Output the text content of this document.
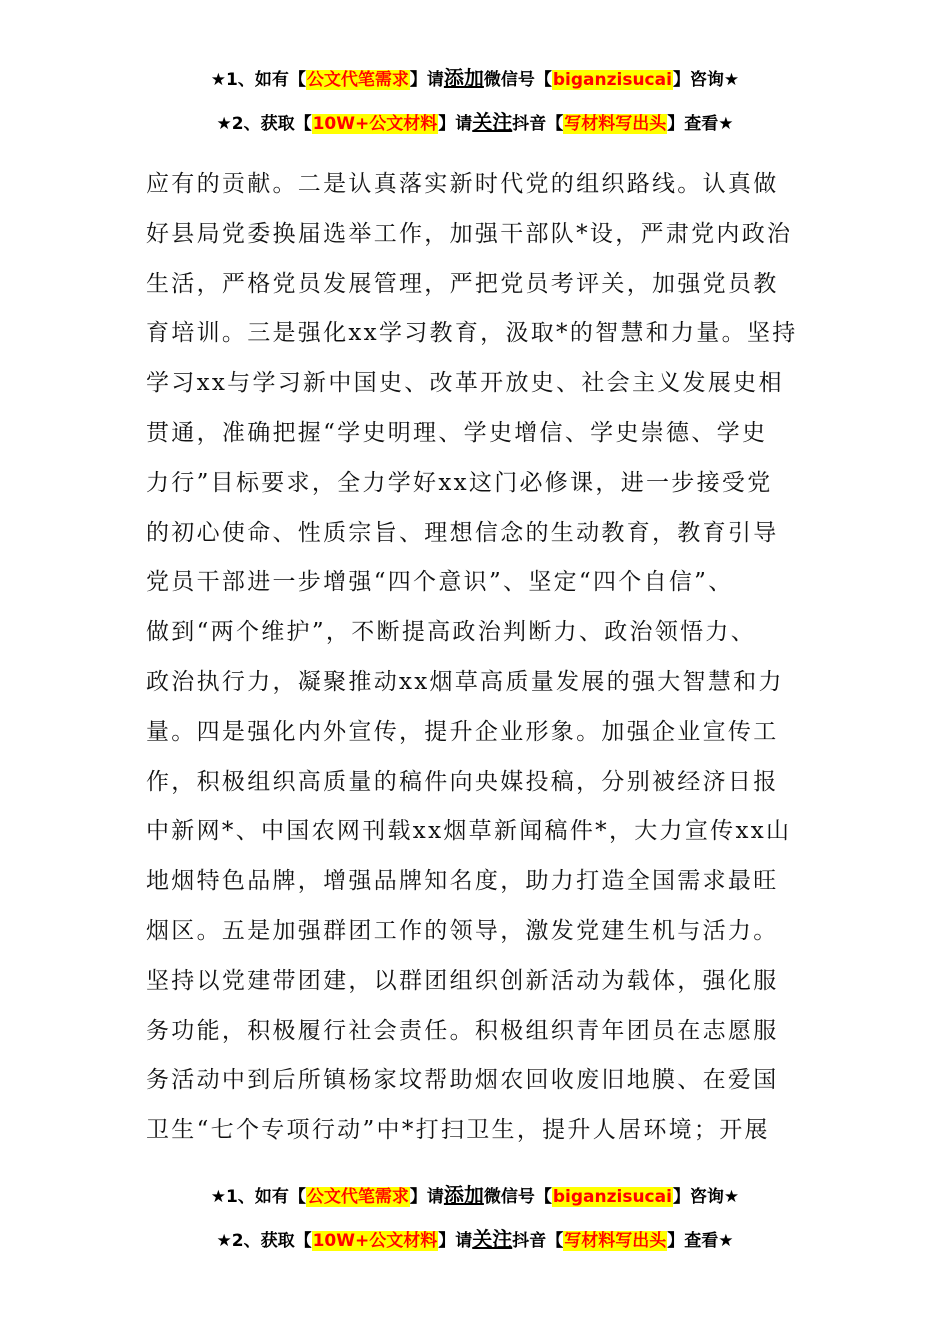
★1、如有【公文代笔需求】请添加微信号【biganzisucai】咨询★
★2、获取【10W+公文材料】请关注抖音【写材料写出头】查看★
应有的贡献。二是认真落实新时代党的组织路线。认真做
好县局党委换届选举工作，加强干部队*设，严肃党内政治
生活，严格党员发展管理，严把党员考评关，加强党员教
育培训。三是强化xx学习教育，汲取*的智慧和力量。坚持
学习xx与学习新中国史、改革开放史、社会主义发展史相
贯通，准确把握“学史明理、学史增信、学史崇德、学史
力行”目标要求，全力学好xx这门必修课，进一步接受党
的初心使命、性质宗旨、理想信念的生动教育，教育引导
党员干部进一步增强“四个意识”、坚定“四个自信”、
做到“两个维护”，不断提高政治判断力、政治领悟力、
政治执行力，凝聚推动xx烟草高质量发展的强大智慧和力
量。四是强化内外宣传，提升企业形象。加强企业宣传工
作，积极组织高质量的稿件向央媒投稿，分别被经济日报
中新网*、中国农网刊载xx烟草新闻稿件*，大力宣传xx山
地烟特色品牌，增强品牌知名度，助力打造全国需求最旺
烟区。五是加强群团工作的领导，激发党建生机与活力。
坚持以党建带团建，以群团组织创新活动为载体，强化服
务功能，积极履行社会责任。积极组织青年团员在志愿服
务活动中到后所镇杨家坟帮助烟农回收废旧地膜、在爱国
卫生“七个专项行动”中*打扫卫生，提升人居环境；开展
★1、如有【公文代笔需求】请添加微信号【biganzisucai】咨询★
★2、获取【10W+公文材料】请关注抖音【写材料写出头】查看★
